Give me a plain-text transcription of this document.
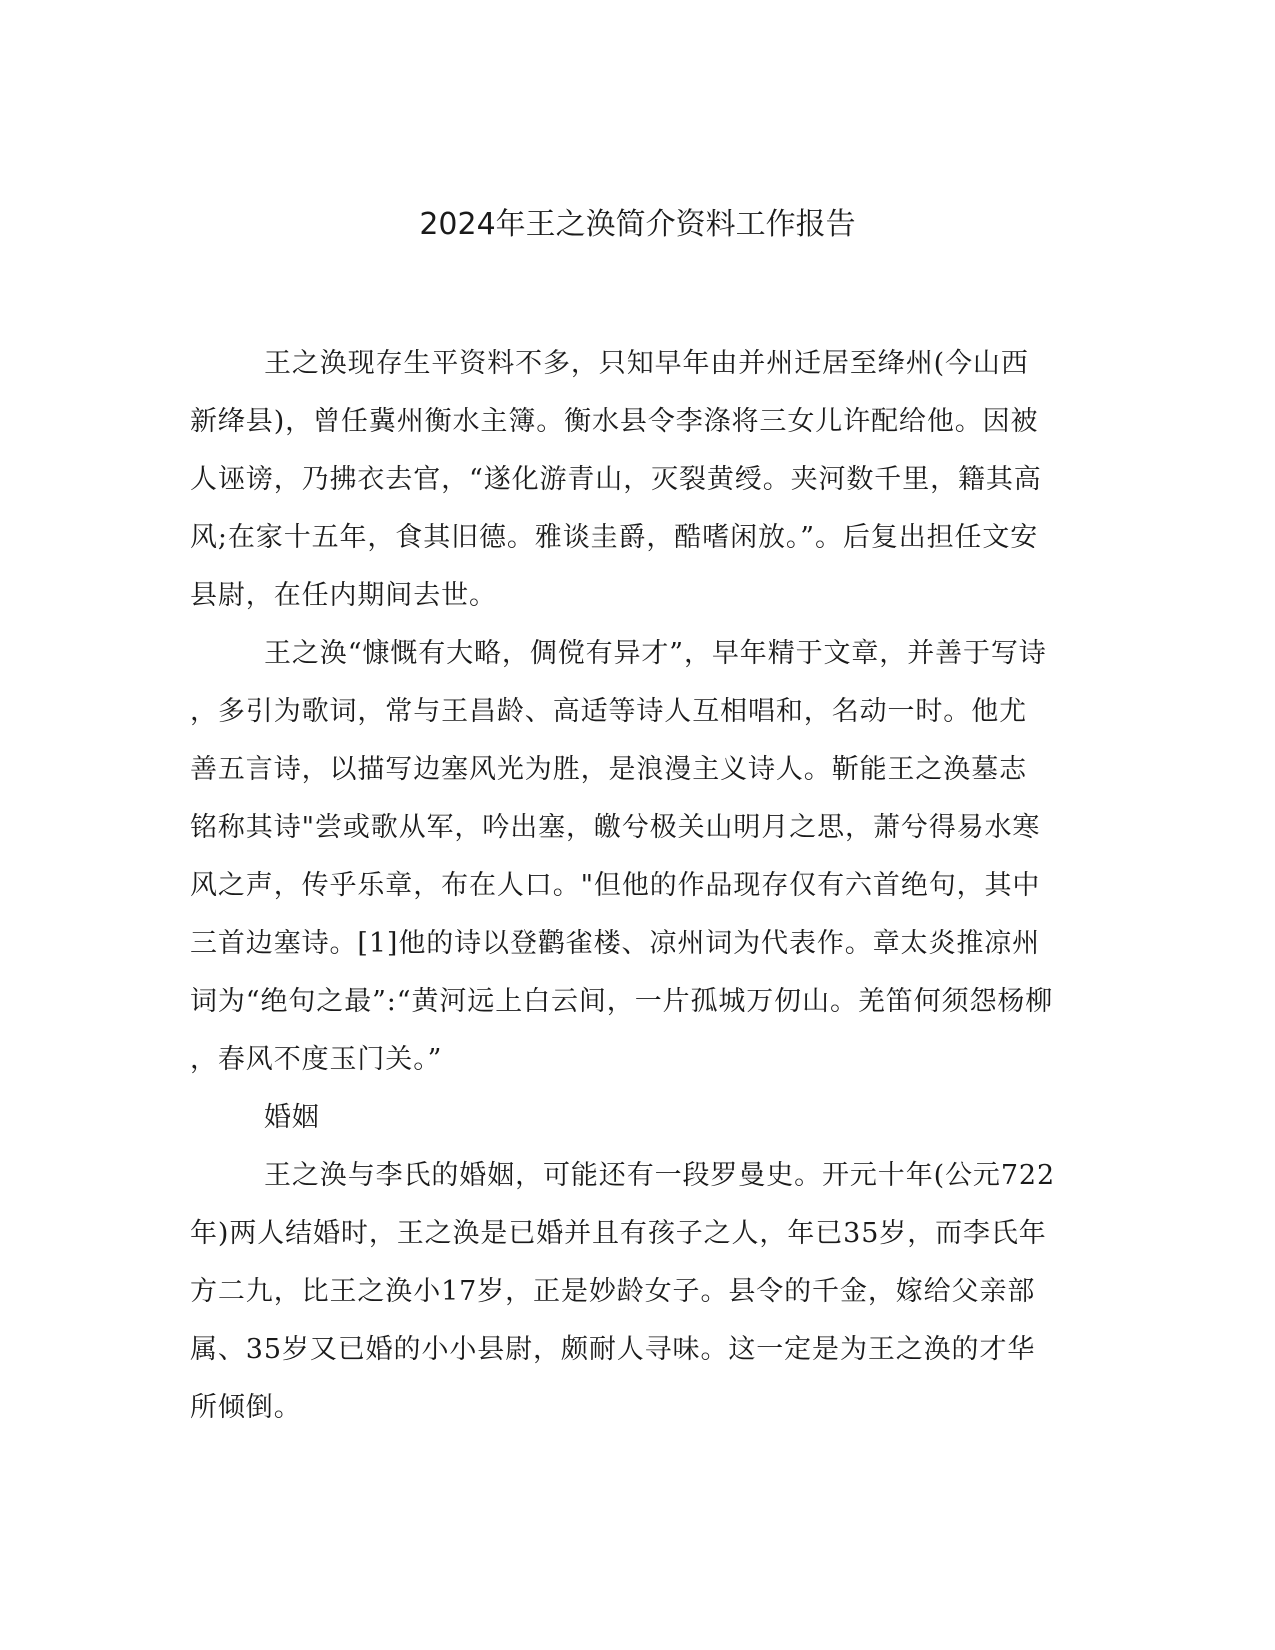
2024年王之涣简介资料工作报告

王之涣现存生平资料不多，只知早年由并州迁居至绛州(今山西
新绛县)，曾任冀州衡水主簿。衡水县令李涤将三女儿许配给他。因被
人诬谤，乃拂衣去官，“遂化游青山，灭裂黄绶。夹河数千里，籍其高
风;在家十五年，食其旧德。雅谈圭爵，酷嗜闲放。”。后复出担任文安
县尉，在任内期间去世。

王之涣“慷慨有大略，倜傥有异才”，早年精于文章，并善于写诗
，多引为歌词，常与王昌龄、高适等诗人互相唱和，名动一时。他尤
善五言诗，以描写边塞风光为胜，是浪漫主义诗人。靳能王之涣墓志
铭称其诗"尝或歌从军，吟出塞，皦兮极关山明月之思，萧兮得易水寒
风之声，传乎乐章，布在人口。"但他的作品现存仅有六首绝句，其中
三首边塞诗。[1]他的诗以登鹳雀楼、凉州词为代表作。章太炎推凉州
词为“绝句之最”:“黄河远上白云间，一片孤城万仞山。羌笛何须怨杨柳
，春风不度玉门关。”

婚姻

王之涣与李氏的婚姻，可能还有一段罗曼史。开元十年(公元722
年)两人结婚时，王之涣是已婚并且有孩子之人，年已35岁，而李氏年
方二九，比王之涣小17岁，正是妙龄女子。县令的千金，嫁给父亲部
属、35岁又已婚的小小县尉，颇耐人寻味。这一定是为王之涣的才华
所倾倒。
